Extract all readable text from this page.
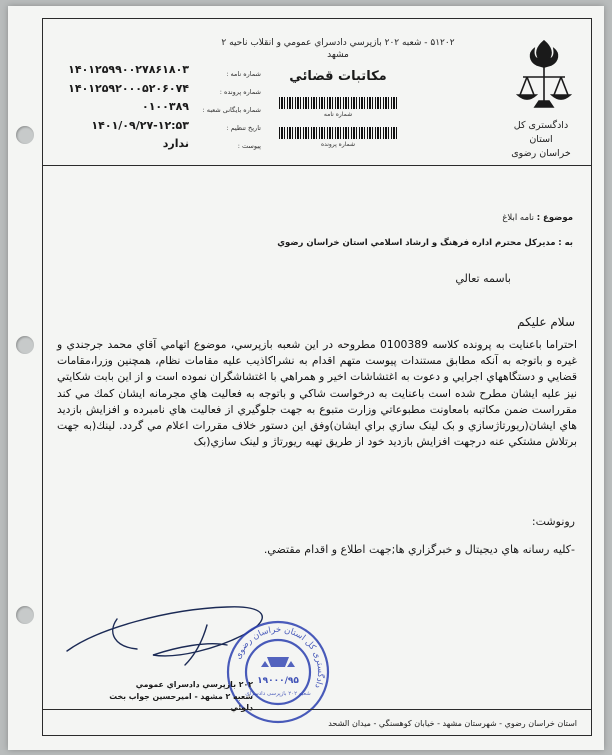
دادگستری کل استان
خراسان رضوی
۵۱۲۰۲ - شعبه ۲۰۲ بازپرسي دادسراي عمومي و انقلاب ناحيه ۲
مشهد
مکاتبات قضائي
شماره نامه
شماره پرونده
شماره نامه :
شماره پرونده :
شماره بایگانی شعبه :
تاریخ تنظیم :
پیوست :
۱۴۰۱۲۵۹۹۰۰۲۷۸۶۱۸۰۳
۱۴۰۱۲۵۹۲۰۰۰۵۲۰۶۰۷۴
۰۱۰۰۳۸۹
۱۴۰۱/۰۹/۲۷-۱۲:۵۳
ندارد
موضوع : نامه ابلاغ
به : مديرکل محترم اداره فرهنگ و ارشاد اسلامي استان خراسان رضوي
باسمه تعالي
سلام عليکم
احتراما باعنايت به پرونده كلاسه 0100389 مطروحه در اين شعبه بازپرسي، موضوع اتهامي آقاي محمد جرجندي و غيره و باتوجه به آنكه مطابق مستندات پيوست متهم اقدام به نشراكاذيب عليه مقامات نظام، همچنين وزرا،مقامات قضايي و دستگاههاي اجرايي و دعوت به اغتشاشات اخير و همراهي با اغتشاشگران نموده است و از اين بابت شكايتي نيز عليه ايشان مطرح شده است باعنايت به درخواست شاكي و باتوجه به فعاليت هاي مجرمانه ايشان كمك مي كند مقرراست ضمن مكاتبه بامعاونت مطبوعاتي وزارت متبوع به جهت جلوگيري از فعاليت هاي نامبرده و افزايش بازديد هاي ايشان(ريورتاژسازي و بک لينک سازي براي ايشان)وفق اين دستور خلاف مقررات اعلام مي گردد. لينك(به جهت برتلاش مشتكي عنه درجهت افزايش بازديد خود از طريق تهيه ريورتاژ و لينک سازي(بک
رونوشت:
-كليه رسانه هاي ديجيتال و خبرگزاري ها;جهت اطلاع و اقدام مقتضي.
دادگستری کل استان خراسان رضوی
۱۹۰۰۰/۹۵
شعبه ۲۰۲ بازپرسی دادسرای
۲۰۲ بازپرسي دادسراي عمومي
شعبه ۲ مشهد - اميرحسين جواب بخت
دلوئي
استان خراسان رضوي - شهرستان مشهد - خيابان كوهسنگي - ميدان الشحد
